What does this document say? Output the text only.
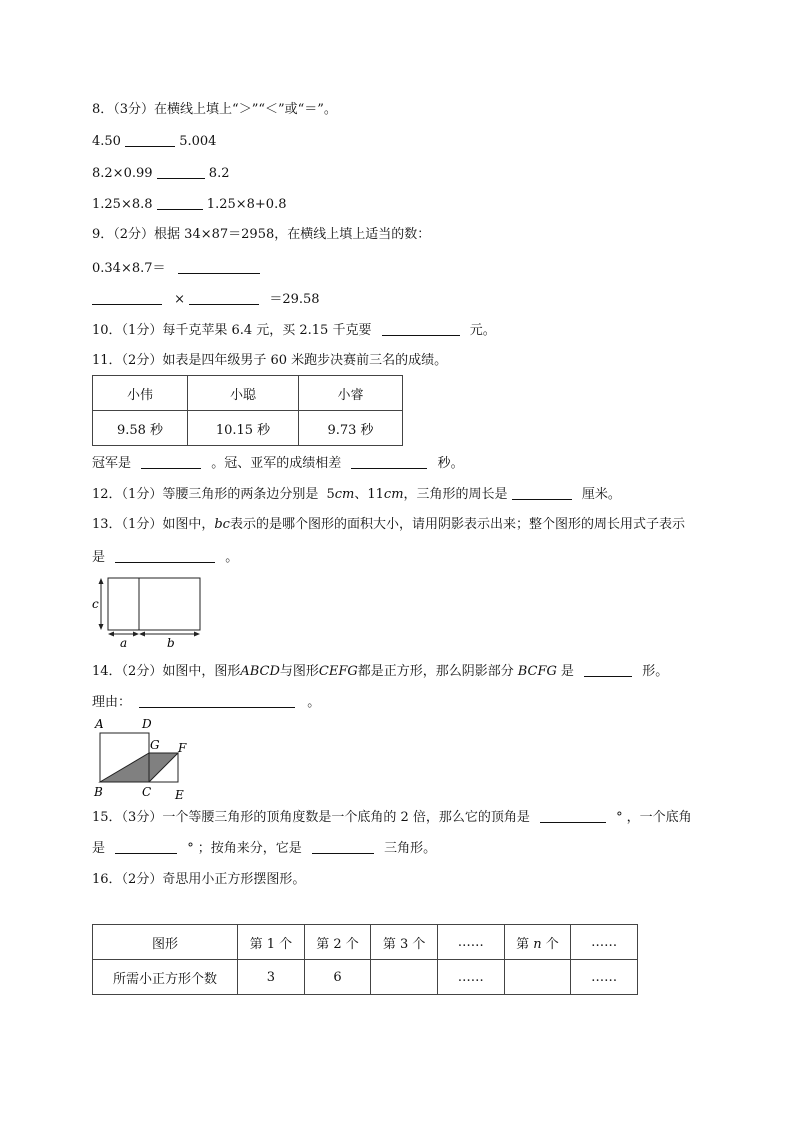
8．（3分）在横线上填上“＞”“＜”或“＝”。
4.50	5.004
8.2×0.99	8.2
1.25×8.8	1.25×8+0.8
9．（2分）根据 34×87＝2958，在横线上填上适当的数：
0.34×8.7＝
×	＝29.58
10．（1分）每千克苹果 6.4 元，买 2.15 千克要	元。
11．（2分）如表是四年级男子 60 米跑步决赛前三名的成绩。
小伟	小聪	小睿
9.58 秒	10.15 秒	9.73 秒
冠军是	。冠、亚军的成绩相差	秒。
12．（1分）等腰三角形的两条边分别是 5cm、11cm，三角形的周长是	厘米。
13．（1分）如图中，bc表示的是哪个图形的面积大小，请用阴影表示出来；整个图形的周长用式子表示
是	。
c
a	b
14．（2分）如图中，图形ABCD与图形CEFG都是正方形，那么阴影部分 BCFG 是	形。
理由：	。
A	D
G F
B	C E
15．（3分）一个等腰三角形的顶角度数是一个底角的 2 倍，那么它的顶角是	° ，一个底角
是	° ；按角来分，它是	三角形。
16．（2分）奇思用小正方形摆图形。
图形	第 1 个	第 2 个	第 3 个	……	第 n 个	……
所需小正方形个数	3	6		……		……
